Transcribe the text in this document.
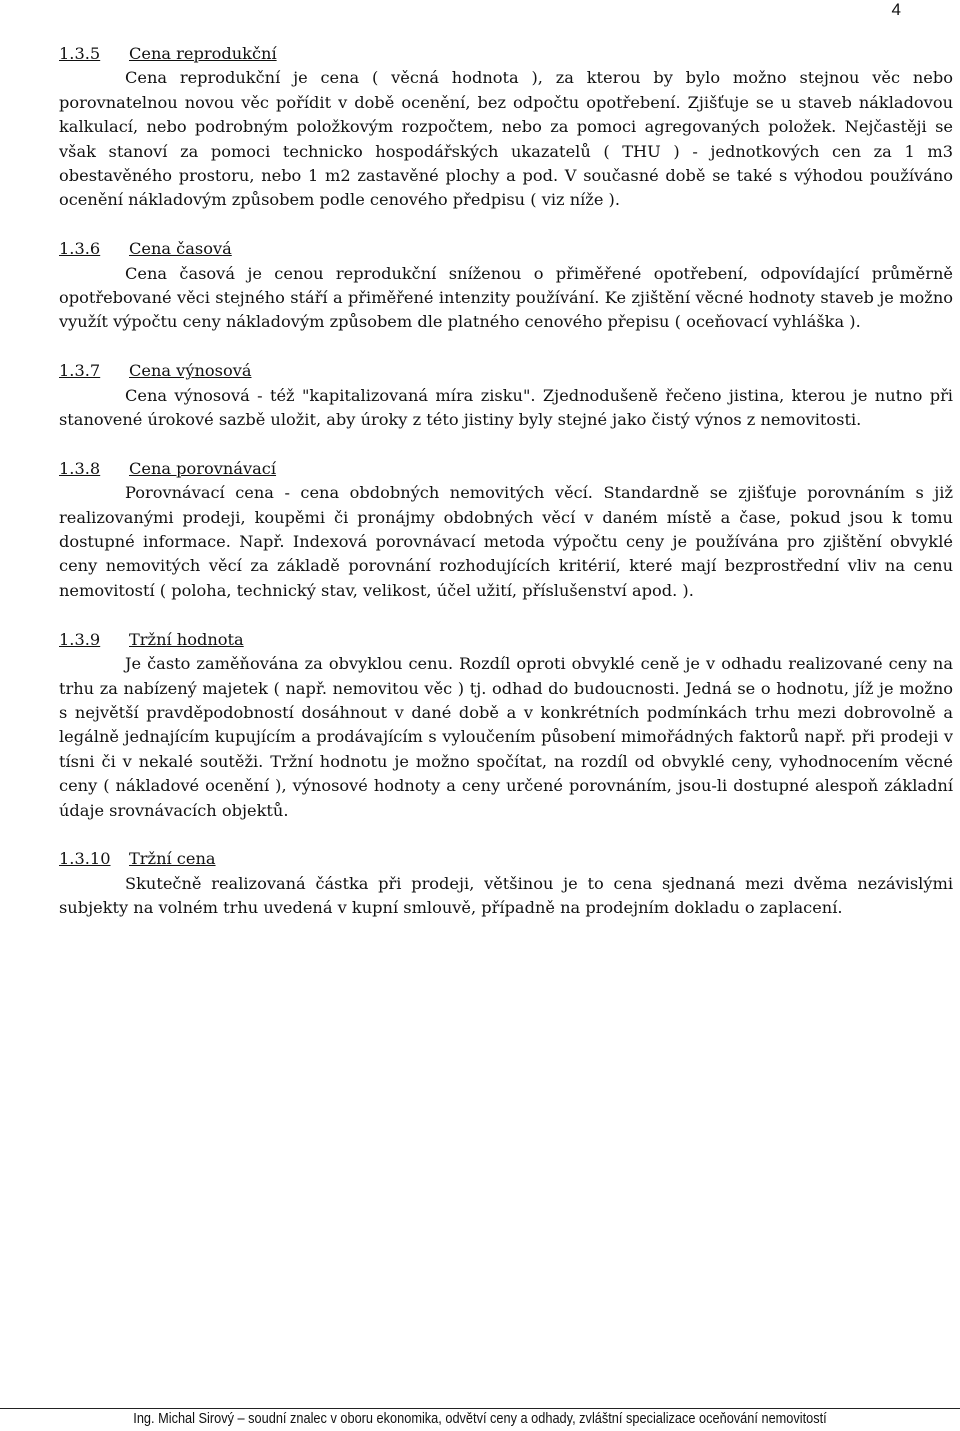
4
1.3.5 Cena reprodukční

Cena reprodukční je cena ( věcná hodnota ), za kterou by bylo možno stejnou věc nebo porovnatelnou novou věc pořídit v době ocenění, bez odpočtu opotřebení. Zjišťuje se u staveb nákladovou kalkulací, nebo podrobným položkovým rozpočtem, nebo za pomoci agregovaných položek. Nejčastěji se však stanoví za pomoci technicko hospodářských ukazatelů ( THU ) - jednotkových cen za 1 m3 obestavěného prostoru, nebo 1 m2 zastavěné plochy a pod. V současné době se také s výhodou používáno ocenění nákladovým způsobem podle cenového předpisu ( viz níže ).

1.3.6 Cena časová

Cena časová je cenou reprodukční sníženou o přiměřené opotřebení, odpovídající průměrně opotřebované věci stejného stáří a přiměřené intenzity používání. Ke zjištění věcné hodnoty staveb je možno využít výpočtu ceny nákladovým způsobem dle platného cenového přepisu ( oceňovací vyhláška ).

1.3.7 Cena výnosová

Cena výnosová - též "kapitalizovaná míra zisku". Zjednodušeně řečeno jistina, kterou je nutno při stanovené úrokové sazbě uložit, aby úroky z této jistiny byly stejné jako čistý výnos z nemovitosti.

1.3.8 Cena porovnávací

Porovnávací cena - cena obdobných nemovitých věcí. Standardně se zjišťuje porovnáním s již realizovanými prodeji, koupěmi či pronájmy obdobných věcí v daném místě a čase, pokud jsou k tomu dostupné informace. Např. Indexová porovnávací metoda výpočtu ceny je používána pro zjištění obvyklé ceny nemovitých věcí za základě porovnání rozhodujících kritérií, které mají bezprostřední vliv na cenu nemovitostí ( poloha, technický stav, velikost, účel užití, příslušenství apod. ).

1.3.9 Tržní hodnota

Je často zaměňována za obvyklou cenu. Rozdíl oproti obvyklé ceně je v odhadu realizované ceny na trhu za nabízený majetek ( např. nemovitou věc ) tj. odhad do budoucnosti. Jedná se o hodnotu, jíž je možno s největší pravděpodobností dosáhnout v dané době a v konkrétních podmínkách trhu mezi dobrovolně a legálně jednajícím kupujícím a prodávajícím s vyloučením působení mimořádných faktorů např. při prodeji v tísni či v nekalé soutěži. Tržní hodnotu je možno spočítat, na rozdíl od obvyklé ceny, vyhodnocením věcné ceny ( nákladové ocenění ), výnosové hodnoty a ceny určené porovnáním, jsou-li dostupné alespoň základní údaje srovnávacích objektů.

1.3.10 Tržní cena

Skutečně realizovaná částka při prodeji, většinou je to cena sjednaná mezi dvěma nezávislými subjekty na volném trhu uvedená v kupní smlouvě, případně na prodejním dokladu o zaplacení.

Ing. Michal Sirový – soudní znalec v oboru ekonomika, odvětví ceny a odhady, zvláštní specializace oceňování nemovitostí
